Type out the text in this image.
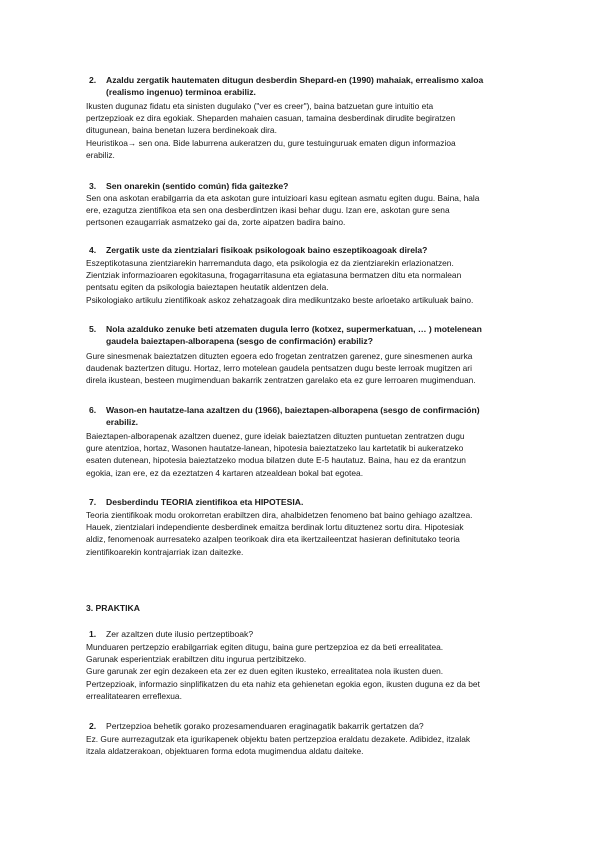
2. Azaldu zergatik hautematen ditugun desberdin Shepard-en (1990) mahaiak, errealismo xaloa
(realismo ingenuo) terminoa erabiliz.
Ikusten dugunaz fidatu eta sinisten dugulako ("ver es creer"), baina batzuetan gure intuitio eta
pertzepzioak ez dira egokiak. Sheparden mahaien casuan, tamaina desberdinak dirudite begiratzen
ditugunean, baina benetan luzera berdinekoak dira.
Heuristikoa→ sen ona. Bide laburrena aukeratzen du, gure testuinguruak ematen digun informazioa
erabiliz.
3. Sen onarekin (sentido común) fida gaitezke?
Sen ona askotan erabilgarria da eta askotan gure intuizioari kasu egitean asmatu egiten dugu. Baina, hala
ere, ezagutza zientifikoa eta sen ona desberdintzen ikasi behar dugu. Izan ere, askotan gure sena
pertsonen ezaugarriak asmatzeko gai da, zorte aipatzen badira baino.
4. Zergatik uste da zientzialari fisikoak psikologoak baino eszeptikoagoak direla?
Eszeptikotasuna zientziarekin harremanduta dago, eta psikologia ez da zientziarekin erlazionatzen.
Zientziak informazioaren egokitasuna, frogagarritasuna eta egiatasuna bermatzen ditu eta normalean
pentsatu egiten da psikologia baieztapen heutatik aldentzen dela.
Psikologiako artikulu zientifikoak askoz zehatzagoak dira medikuntzako beste arloetako artikuluak baino.
5. Nola azalduko zenuke beti atzematen dugula lerro (kotxez, supermerkatuan, … ) motelenean
gaudela baieztapen-alborapena (sesgo de confirmación) erabiliz?
Gure sinesmenak baieztatzen dituzten egoera edo frogetan zentratzen garenez, gure sinesmenen aurka
daudenak baztertzen ditugu. Hortaz, lerro motelean gaudela pentsatzen dugu beste lerroak mugitzen ari
direla ikustean, besteen mugimenduan bakarrik zentratzen garelako eta ez gure lerroaren mugimenduan.
6. Wason-en hautatze-lana azaltzen du (1966), baieztapen-alborapena (sesgo de confirmación)
erabiliz.
Baieztapen-alborapenak azaltzen duenez, gure ideiak baieztatzen dituzten puntuetan zentratzen dugu
gure atentzioa, hortaz, Wasonen hautatze-lanean, hipotesia baieztatzeko lau kartetatik bi aukeratzeko
esaten dutenean, hipotesia baieztatzeko modua bilatzen dute E-5 hautatuz. Baina, hau ez da erantzun
egokia, izan ere, ez da ezeztatzen 4 kartaren atzealdean bokal bat egotea.
7. Desberdindu TEORIA zientifikoa eta HIPOTESIA.
Teoria zientifikoak modu orokorretan erabiltzen dira, ahalbidetzen fenomeno bat baino gehiago azaltzea.
Hauek, zientzialari independiente desberdinek emaitza berdinak lortu dituztenez sortu dira. Hipotesiak
aldiz, fenomenoak aurresateko azalpen teorikoak dira eta ikertzaileentzat hasieran definitutako teoria
zientifikoarekin kontrajarriak izan daitezke.
3. PRAKTIKA
1. Zer azaltzen dute ilusio pertzeptiboak?
Munduaren pertzepzio erabilgarriak egiten ditugu, baina gure pertzepzioa ez da beti errealitatea.
Garunak esperientziak erabiltzen ditu ingurua pertzibitzeko.
Gure garunak zer egin dezakeen eta zer ez duen egiten ikusteko, errealitatea nola ikusten duen.
Pertzepzioak, informazio sinplifikatzen du eta nahiz eta gehienetan egokia egon, ikusten duguna ez da bet
errealitatearen erreflexua.
2. Pertzepzioa behetik gorako prozesamenduaren eraginagatik bakarrik gertatzen da?
Ez. Gure aurrezagutzak eta igurikapenek objektu baten pertzepzioa eraldatu dezakete. Adibidez, itzalak
itzala aldatzerakoan, objektuaren forma edota mugimendua aldatu daiteke.
